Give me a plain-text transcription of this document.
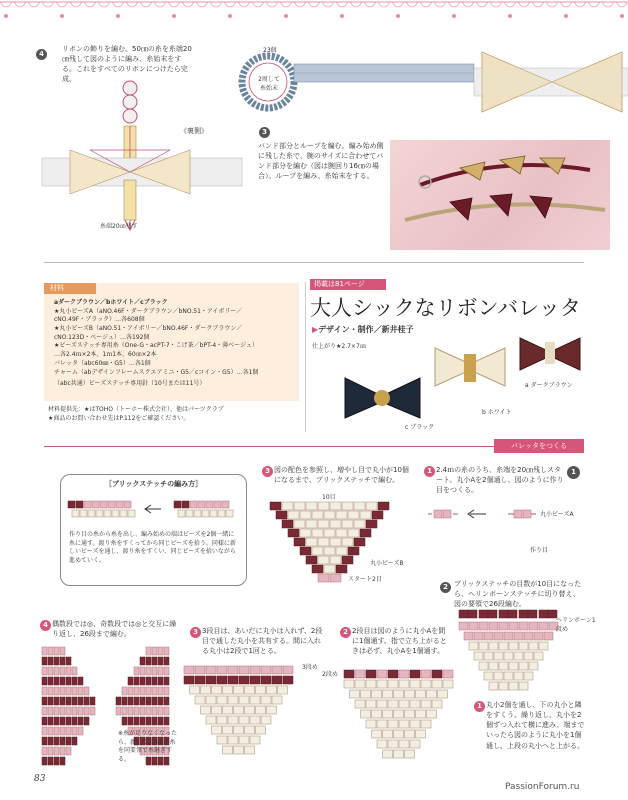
4
リボンの飾りを編む。50㎝の糸を糸端20㎝残して図のように編み、糸始末をする。これをすべてのリボンにつけたら完成。
《裏側》
糸端20㎝残す
23個
2周して糸始末
3
バンド部分とループを編む。編み始め側に残した糸で、腕のサイズに合わせてバンド部分を編む（図は腕回り16㎝の場合）。ループを編み、糸始末をする。
材料
aダークブラウン／bホワイト／cブラック
★丸小ビーズA（aNO.46F・ダークブラウン／bNO.51・アイボリー／
cNO.49F・ブラック）…各608個
★丸小ビーズB（aNO.51・アイボリー／bNO.46F・ダークブラウン／
cNO.123D・ベージュ）…各192個
★ビーズステッチ専用糸（One-G・acPT-7・こげ茶／bPT-4・薄ベージュ）
…各2.4ｍ×2本、1ｍ1本、60㎝×2本
バレッタ（abc60㎜・G5）…各1個
チャーム（abデザインフレームスクエアミニ・G5／cコイン・G5）…各1個
（abc共通）ビーズステッチ専用針（10号または11号）
材料提供先：★はTOHO（トーホー株式会社）、他はパーツクラブ
★商品のお問い合わせ先はP.112をご確認ください。
掲載は81ページ
大人シックなリボンバレッタ
▶デザイン・制作／新井桂子
仕上がり★2.7×7㎝
a ダークブラウン
b ホワイト
c ブラック
バレッタをつくる
［ブリックステッチの編み方］
作り目の糸から糸を出し、編み始めの端はビーズを2個一緒に糸に通す。渡り糸をすくってから同じビーズを拾う。同様に新しいビーズを通し、渡り糸をすくい、同じビーズを拾いながら進めていく。
3 図の配色を参照し、増やし目で丸小が10個になるまで、ブリックステッチで編む。
10目
丸小ビーズB
スタート2目
1 2.4ｍの糸のうち、糸端を20㎝残しスタート。丸小Aを2個通し、図のように作り目をつくる。
1
丸小ビーズA
作り目
2 ブリックステッチの目数が10目になったら、ヘリンボーンステッチに切り替え、図の要領で26段編む。
ヘリンボーン1段め
4 偶数段では◎、奇数段では◎と交互に繰り返し、26段まで編む。
※糸が足りなくなったら、新しく2.4ｍの糸を同要領で糸継ぎする。
3 3段目は、あいだに丸小は入れず、2段目で通した丸小を共有する。間に入れる丸小は2段で1回とる。
3段め
2 2段目は図のように丸小Aを間に1個通す。指で立ち上がるときは必ず、丸小Aを1個通す。
2段め
1 丸小2個を通し、下の丸小と隣をすくう。繰り返し、丸小を2個ずつ入れて横に進み、端までいったら図のように丸小を1個通し、上段の丸小へと上がる。
83
PassionForum.ru
